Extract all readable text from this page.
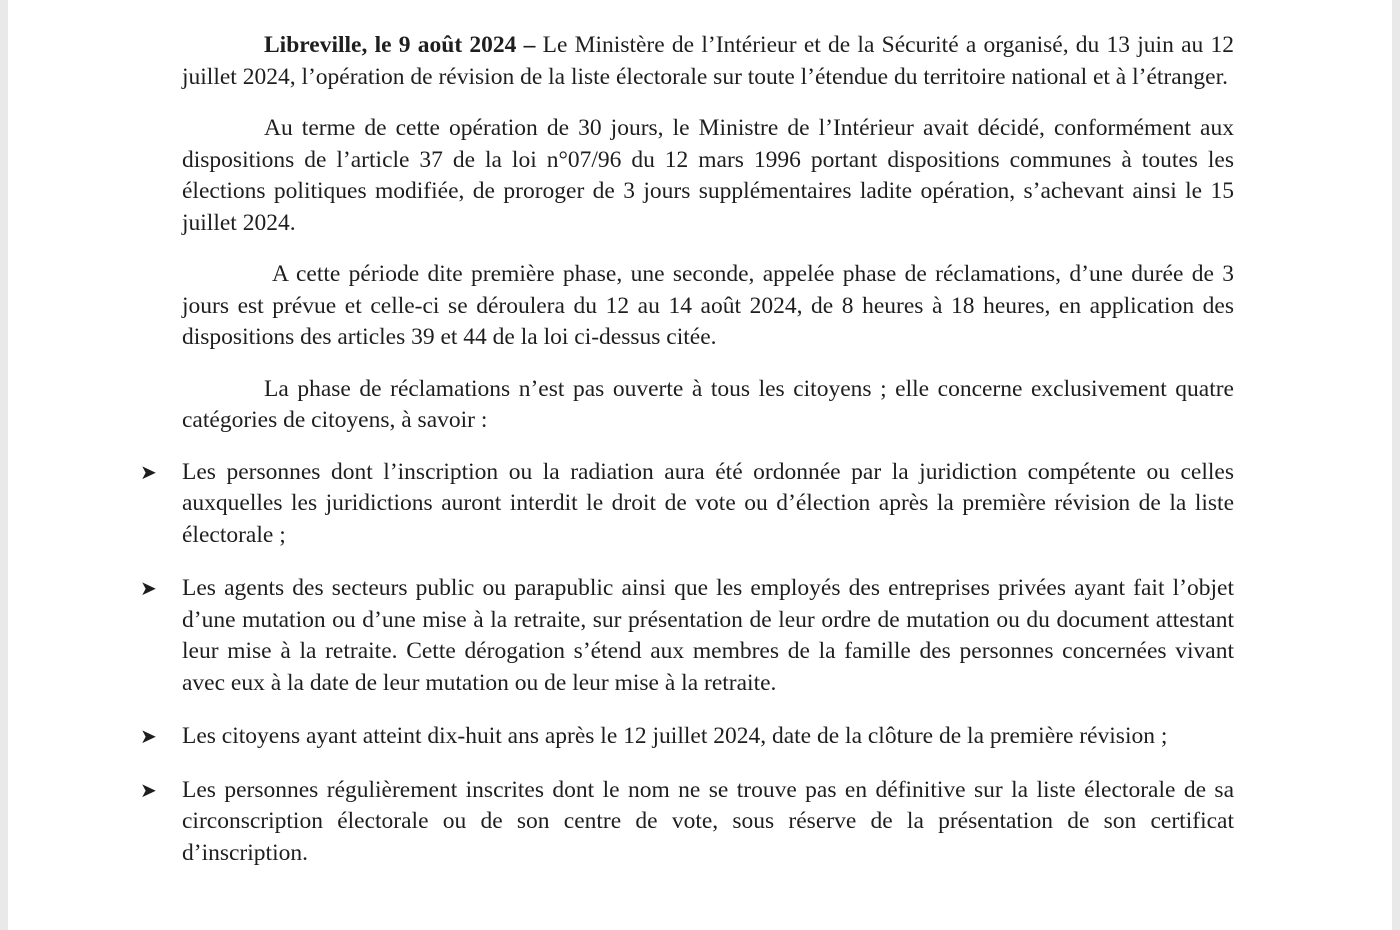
Libreville, le 9 août 2024 – Le Ministère de l’Intérieur et de la Sécurité a organisé, du 13 juin au 12 juillet 2024, l’opération de révision de la liste électorale sur toute l’étendue du territoire national et à l’étranger.

Au terme de cette opération de 30 jours, le Ministre de l’Intérieur avait décidé, conformément aux dispositions de l’article 37 de la loi n°07/96 du 12 mars 1996 portant dispositions communes à toutes les élections politiques modifiée, de proroger de 3 jours supplémentaires ladite opération, s’achevant ainsi le 15 juillet 2024.

A cette période dite première phase, une seconde, appelée phase de réclamations, d’une durée de 3 jours est prévue et celle-ci se déroulera du 12 au 14 août 2024, de 8 heures à 18 heures, en application des dispositions des articles 39 et 44 de la loi ci-dessus citée.

La phase de réclamations n’est pas ouverte à tous les citoyens ; elle concerne exclusivement quatre catégories de citoyens, à savoir :

➤ Les personnes dont l’inscription ou la radiation aura été ordonnée par la juridiction compétente ou celles auxquelles les juridictions auront interdit le droit de vote ou d’élection après la première révision de la liste électorale ;
➤ Les agents des secteurs public ou parapublic ainsi que les employés des entreprises privées ayant fait l’objet d’une mutation ou d’une mise à la retraite, sur présentation de leur ordre de mutation ou du document attestant leur mise à la retraite. Cette dérogation s’étend aux membres de la famille des personnes concernées vivant avec eux à la date de leur mutation ou de leur mise à la retraite.
➤ Les citoyens ayant atteint dix-huit ans après le 12 juillet 2024, date de la clôture de la première révision ;
➤ Les personnes régulièrement inscrites dont le nom ne se trouve pas en définitive sur la liste électorale de sa circonscription électorale ou de son centre de vote, sous réserve de la présentation de son certificat d’inscription.
